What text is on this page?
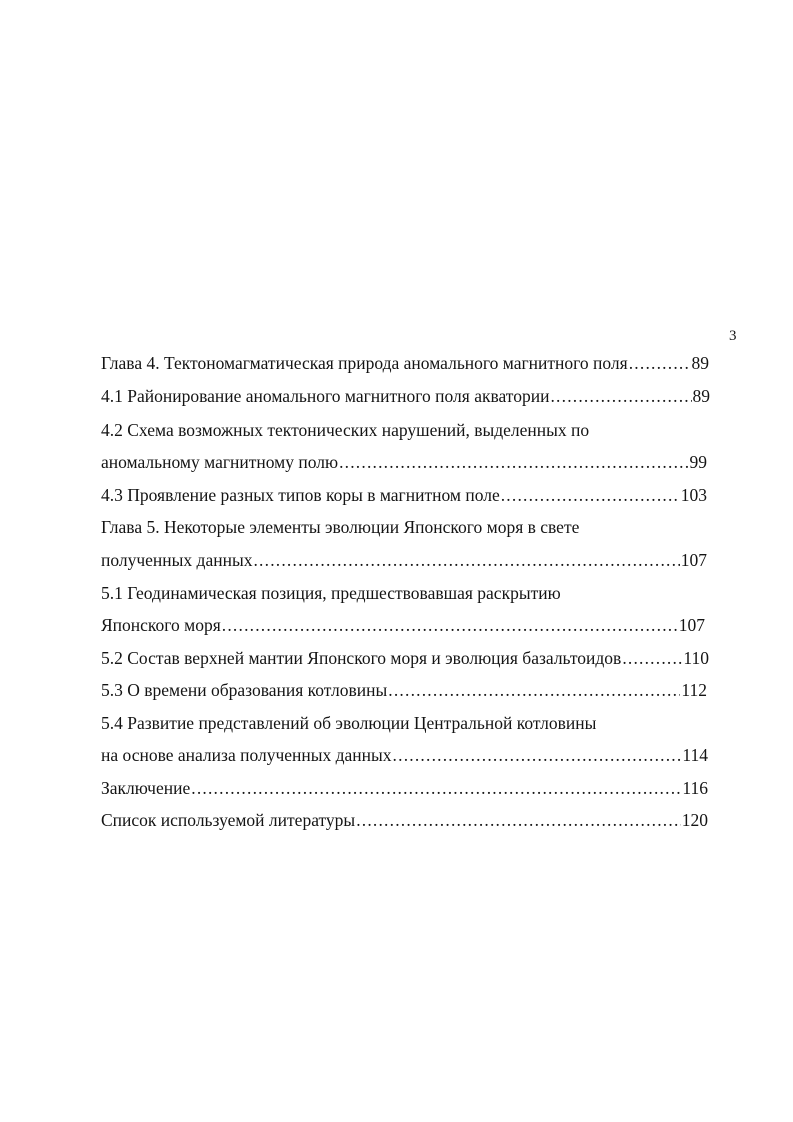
3
Глава 4. Тектономагматическая природа аномального магнитного поля .....	89
4.1 Районирование аномального магнитного поля акватории .....	89
4.2 Схема возможных тектонических нарушений, выделенных по
аномальному магнитному полю .....	99
4.3 Проявление разных типов коры в магнитном поле .....	103
Глава 5. Некоторые элементы эволюции Японского моря в свете
полученных данных .....	107
5.1 Геодинамическая позиция, предшествовавшая раскрытию
Японского моря .....	107
5.2 Состав верхней мантии Японского моря и эволюция базальтоидов .....	110
5.3 О времени образования котловины .....	112
5.4 Развитие представлений об эволюции Центральной котловины
на основе анализа полученных данных .....	114
Заключение .....	116
Список используемой литературы .....	120
